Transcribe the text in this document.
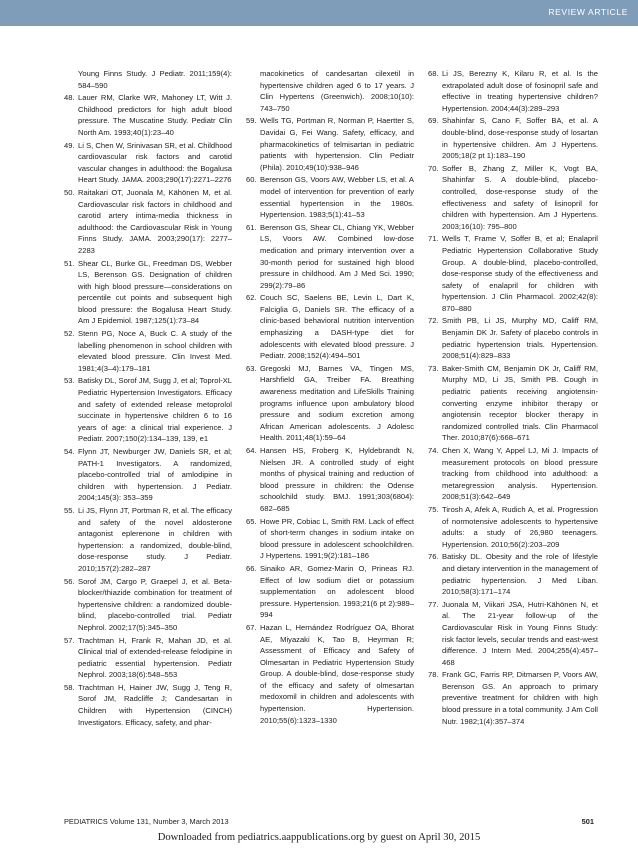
REVIEW ARTICLE
Young Finns Study. J Pediatr. 2011;159(4): 584–590
48. Lauer RM, Clarke WR, Mahoney LT, Witt J. Childhood predictors for high adult blood pressure. The Muscatine Study. Pediatr Clin North Am. 1993;40(1):23–40
49. Li S, Chen W, Srinivasan SR, et al. Childhood cardiovascular risk factors and carotid vascular changes in adulthood: the Bogalusa Heart Study. JAMA. 2003;290(17):2271–2276
50. Raitakari OT, Juonala M, Kähönen M, et al. Cardiovascular risk factors in childhood and carotid artery intima-media thickness in adulthood: the Cardiovascular Risk in Young Finns Study. JAMA. 2003;290(17): 2277–2283
51. Shear CL, Burke GL, Freedman DS, Webber LS, Berenson GS. Designation of children with high blood pressure—considerations on percentile cut points and subsequent high blood pressure: the Bogalusa Heart Study. Am J Epidemiol. 1987;125(1):73–84
52. Stenn PG, Noce A, Buck C. A study of the labelling phenomenon in school children with elevated blood pressure. Clin Invest Med. 1981;4(3–4):179–181
53. Batisky DL, Sorof JM, Sugg J, et al; Toprol-XL Pediatric Hypertension Investigators. Efficacy and safety of extended release metoprolol succinate in hypertensive children 6 to 16 years of age: a clinical trial experience. J Pediatr. 2007;150(2):134–139, 139, e1
54. Flynn JT, Newburger JW, Daniels SR, et al; PATH-1 Investigators. A randomized, placebo-controlled trial of amlodipine in children with hypertension. J Pediatr. 2004;145(3): 353–359
55. Li JS, Flynn JT, Portman R, et al. The efficacy and safety of the novel aldosterone antagonist eplerenone in children with hypertension: a randomized, double-blind, dose-response study. J Pediatr. 2010;157(2):282–287
56. Sorof JM, Cargo P, Graepel J, et al. Beta-blocker/thiazide combination for treatment of hypertensive children: a randomized double-blind, placebo-controlled trial. Pediatr Nephrol. 2002;17(5):345–350
57. Trachtman H, Frank R, Mahan JD, et al. Clinical trial of extended-release felodipine in pediatric essential hypertension. Pediatr Nephrol. 2003;18(6):548–553
58. Trachtman H, Hainer JW, Sugg J, Teng R, Sorof JM, Radcliffe J; Candesartan in Children with Hypertension (CINCH) Investigators. Efficacy, safety, and phar-
macokinetics of candesartan cilexetil in hypertensive children aged 6 to 17 years. J Clin Hypertens (Greenwich). 2008;10(10): 743–750
59. Wells TG, Portman R, Norman P, Haertter S, Davidai G, Fei Wang. Safety, efficacy, and pharmacokinetics of telmisartan in pediatric patients with hypertension. Clin Pediatr (Phila). 2010;49(10):938–946
60. Berenson GS, Voors AW, Webber LS, et al. A model of intervention for prevention of early essential hypertension in the 1980s. Hypertension. 1983;5(1):41–53
61. Berenson GS, Shear CL, Chiang YK, Webber LS, Voors AW. Combined low-dose medication and primary intervention over a 30-month period for sustained high blood pressure in childhood. Am J Med Sci. 1990; 299(2):79–86
62. Couch SC, Saelens BE, Levin L, Dart K, Falciglia G, Daniels SR. The efficacy of a clinic-based behavioral nutrition intervention emphasizing a DASH-type diet for adolescents with elevated blood pressure. J Pediatr. 2008;152(4):494–501
63. Gregoski MJ, Barnes VA, Tingen MS, Harshfield GA, Treiber FA. Breathing awareness meditation and LifeSkills Training programs influence upon ambulatory blood pressure and sodium excretion among African American adolescents. J Adolesc Health. 2011;48(1):59–64
64. Hansen HS, Froberg K, Hyldebrandt N, Nielsen JR. A controlled study of eight months of physical training and reduction of blood pressure in children: the Odense schoolchild study. BMJ. 1991;303(6804): 682–685
65. Howe PR, Cobiac L, Smith RM. Lack of effect of short-term changes in sodium intake on blood pressure in adolescent schoolchildren. J Hypertens. 1991;9(2):181–186
66. Sinaiko AR, Gomez-Marin O, Prineas RJ. Effect of low sodium diet or potassium supplementation on adolescent blood pressure. Hypertension. 1993;21(6 pt 2):989–994
67. Hazan L, Hernández Rodríguez OA, Bhorat AE, Miyazaki K, Tao B, Heyrman R; Assessment of Efficacy and Safety of Olmesartan in Pediatric Hypertension Study Group. A double-blind, dose-response study of the efficacy and safety of olmesartan medoxomil in children and adolescents with hypertension. Hypertension. 2010;55(6):1323–1330
68. Li JS, Berezny K, Kilaru R, et al. Is the extrapolated adult dose of fosinopril safe and effective in treating hypertensive children? Hypertension. 2004;44(3):289–293
69. Shahinfar S, Cano F, Soffer BA, et al. A double-blind, dose-response study of losartan in hypertensive children. Am J Hypertens. 2005;18(2 pt 1):183–190
70. Soffer B, Zhang Z, Miller K, Vogt BA, Shahinfar S. A double-blind, placebo-controlled, dose-response study of the effectiveness and safety of lisinopril for children with hypertension. Am J Hypertens. 2003;16(10): 795–800
71. Wells T, Frame V, Soffer B, et al; Enalapril Pediatric Hypertension Collaborative Study Group. A double-blind, placebo-controlled, dose-response study of the effectiveness and safety of enalapril for children with hypertension. J Clin Pharmacol. 2002;42(8): 870–880
72. Smith PB, Li JS, Murphy MD, Califf RM, Benjamin DK Jr. Safety of placebo controls in pediatric hypertension trials. Hypertension. 2008;51(4):829–833
73. Baker-Smith CM, Benjamin DK Jr, Califf RM, Murphy MD, Li JS, Smith PB. Cough in pediatric patients receiving angiotensin-converting enzyme inhibitor therapy or angiotensin receptor blocker therapy in randomized controlled trials. Clin Pharmacol Ther. 2010;87(6):668–671
74. Chen X, Wang Y, Appel LJ, Mi J. Impacts of measurement protocols on blood pressure tracking from childhood into adulthood: a metaregression analysis. Hypertension. 2008;51(3):642–649
75. Tirosh A, Afek A, Rudich A, et al. Progression of normotensive adolescents to hypertensive adults: a study of 26,980 teenagers. Hypertension. 2010;56(2):203–209
76. Batisky DL. Obesity and the role of lifestyle and dietary intervention in the management of pediatric hypertension. J Med Liban. 2010;58(3):171–174
77. Juonala M, Viikari JSA, Hutri-Kähönen N, et al. The 21-year follow-up of the Cardiovascular Risk in Young Finns Study: risk factor levels, secular trends and east-west difference. J Intern Med. 2004;255(4):457–468
78. Frank GC, Farris RP, Ditmarsen P, Voors AW, Berenson GS. An approach to primary preventive treatment for children with high blood pressure in a total community. J Am Coll Nutr. 1982;1(4):357–374
PEDIATRICS Volume 131, Number 3, March 2013	501
Downloaded from pediatrics.aappublications.org by guest on April 30, 2015
